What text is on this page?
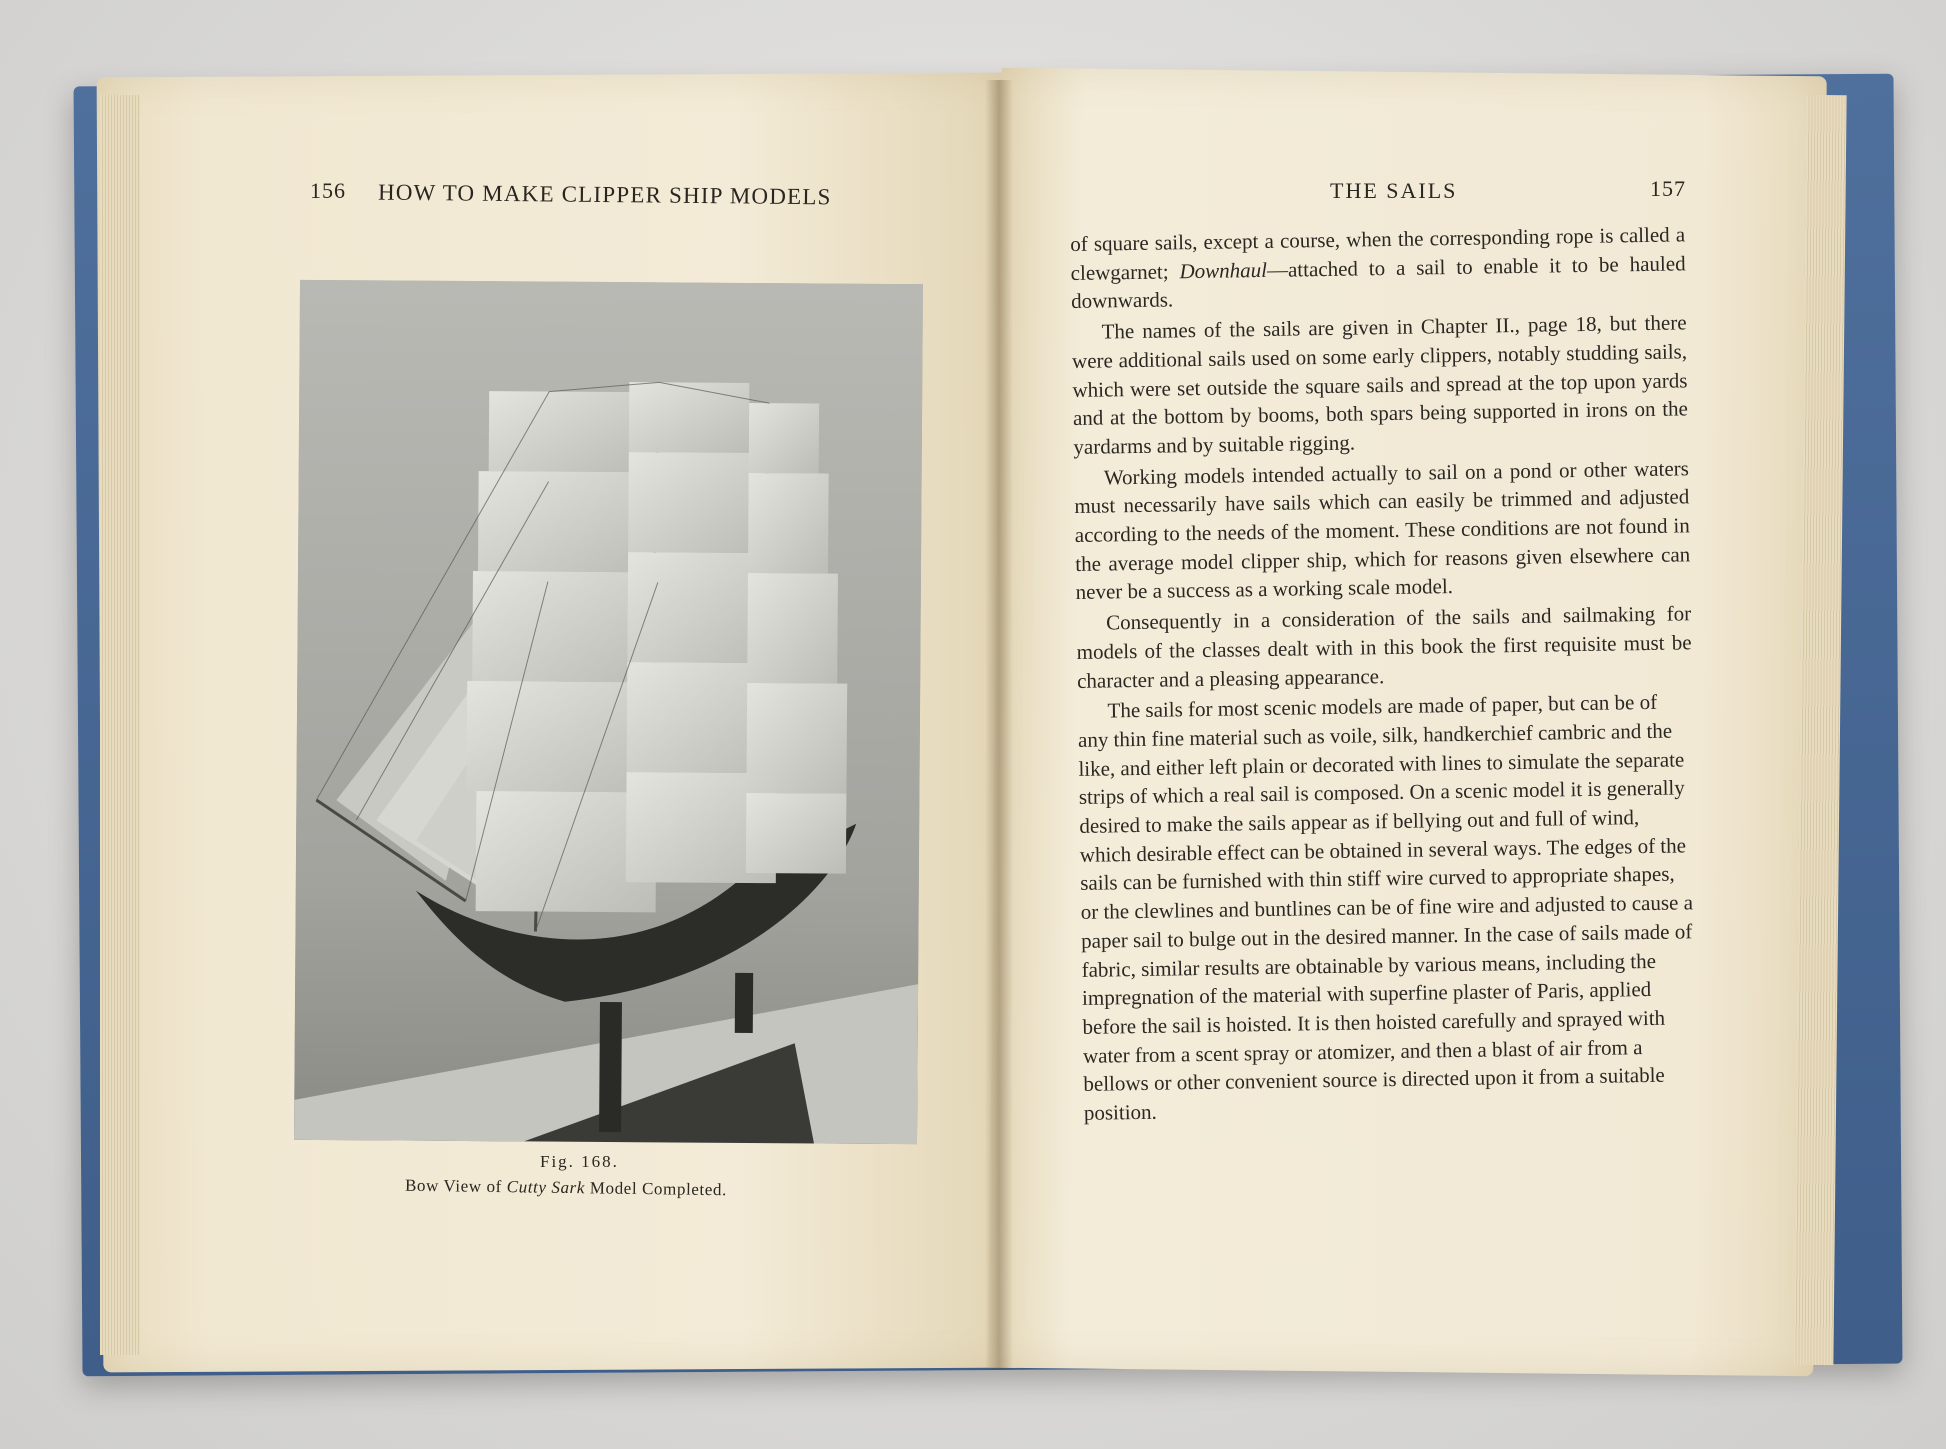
156 HOW TO MAKE CLIPPER SHIP MODELS	THE SAILS	157
Fig. 168.
Bow View of Cutty Sark Model Completed.

of square sails, except a course, when the corresponding rope is called a clewgarnet; Downhaul—attached to a sail to enable it to be hauled downwards.

The names of the sails are given in Chapter II., page 18, but there were additional sails used on some early clippers, notably studding sails, which were set outside the square sails and spread at the top upon yards and at the bottom by booms, both spars being supported in irons on the yardarms and by suitable rigging.

Working models intended actually to sail on a pond or other waters must necessarily have sails which can easily be trimmed and adjusted according to the needs of the moment. These conditions are not found in the average model clipper ship, which for reasons given elsewhere can never be a success as a working scale model.

Consequently in a consideration of the sails and sailmaking for models of the classes dealt with in this book the first requisite must be character and a pleasing appearance.

The sails for most scenic models are made of paper, but can be of any thin fine material such as voile, silk, handkerchief cambric and the like, and either left plain or decorated with lines to simulate the separate strips of which a real sail is composed. On a scenic model it is generally desired to make the sails appear as if bellying out and full of wind, which desirable effect can be obtained in several ways. The edges of the sails can be furnished with thin stiff wire curved to appropriate shapes, or the clewlines and buntlines can be of fine wire and adjusted to cause a paper sail to bulge out in the desired manner. In the case of sails made of fabric, similar results are obtainable by various means, including the impregnation of the material with superfine plaster of Paris, applied before the sail is hoisted. It is then hoisted carefully and sprayed with water from a scent spray or atomizer, and then a blast of air from a bellows or other convenient source is directed upon it from a suitable position.
